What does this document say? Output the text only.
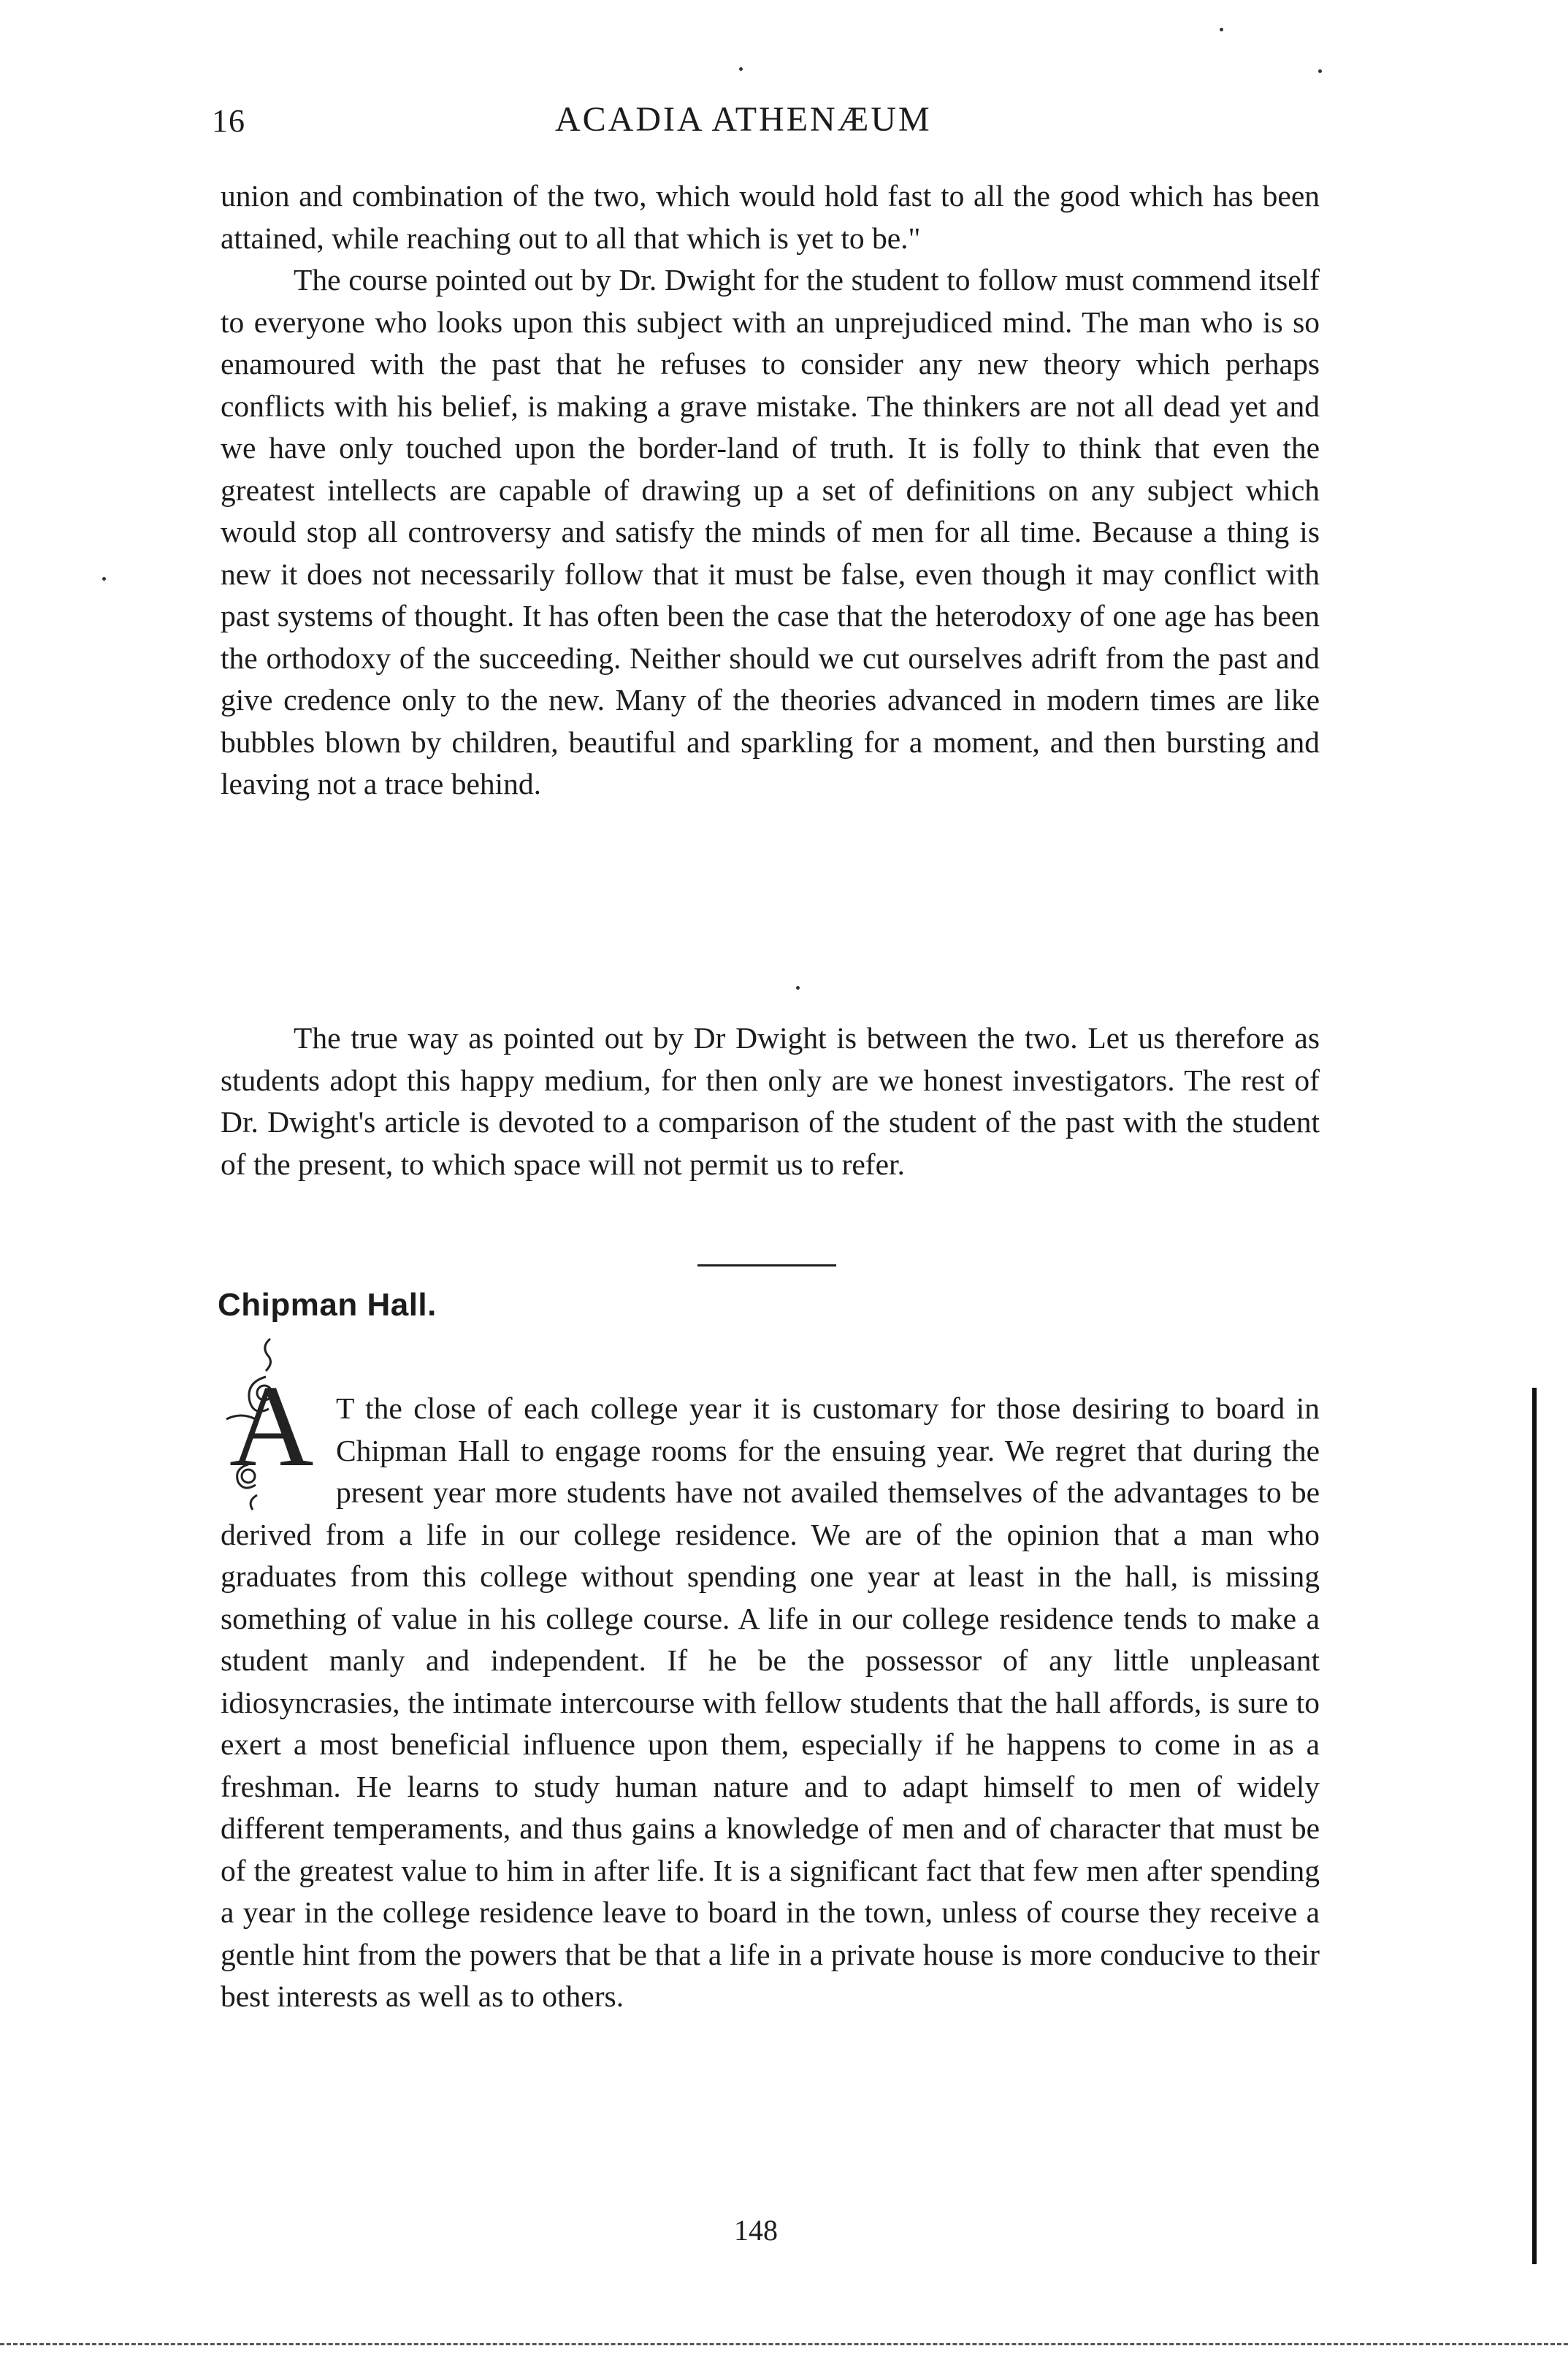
16	ACADIA ATHENÆUM

union and combination of the two, which would hold fast to all the good which has been attained, while reaching out to all that which is yet to be."

The course pointed out by Dr. Dwight for the student to follow must commend itself to everyone who looks upon this subject with an unprejudiced mind. The man who is so enamoured with the past that he refuses to consider any new theory which perhaps conflicts with his belief, is making a grave mistake. The thinkers are not all dead yet and we have only touched upon the border-land of truth. It is folly to think that even the greatest intellects are capable of drawing up a set of definitions on any subject which would stop all controversy and satisfy the minds of men for all time. Because a thing is new it does not necessarily follow that it must be false, even though it may conflict with past systems of thought. It has often been the case that the heterodoxy of one age has been the orthodoxy of the succeeding. Neither should we cut ourselves adrift from the past and give credence only to the new. Many of the theories advanced in modern times are like bubbles blown by children, beautiful and sparkling for a moment, and then bursting and leaving not a trace behind.

The true way as pointed out by Dr Dwight is between the two. Let us therefore as students adopt this happy medium, for then only are we honest investigators. The rest of Dr. Dwight's article is devoted to a comparison of the student of the past with the student of the present, to which space will not permit us to refer.

Chipman Hall.
A T the close of each college year it is customary for those desiring to board in Chipman Hall to engage rooms for the ensuing year. We regret that during the present year more students have not availed themselves of the advantages to be derived from a life in our college residence. We are of the opinion that a man who graduates from this college without spending one year at least in the hall, is missing something of value in his college course. A life in our college residence tends to make a student manly and independent. If he be the possessor of any little unpleasant idiosyncrasies, the intimate intercourse with fellow students that the hall affords, is sure to exert a most beneficial influence upon them, especially if he happens to come in as a freshman. He learns to study human nature and to adapt himself to men of widely different temperaments, and thus gains a knowledge of men and of character that must be of the greatest value to him in after life. It is a significant fact that few men after spending a year in the college residence leave to board in the town, unless of course they receive a gentle hint from the powers that be that a life in a private house is more conducive to their best interests as well as to others.
148
